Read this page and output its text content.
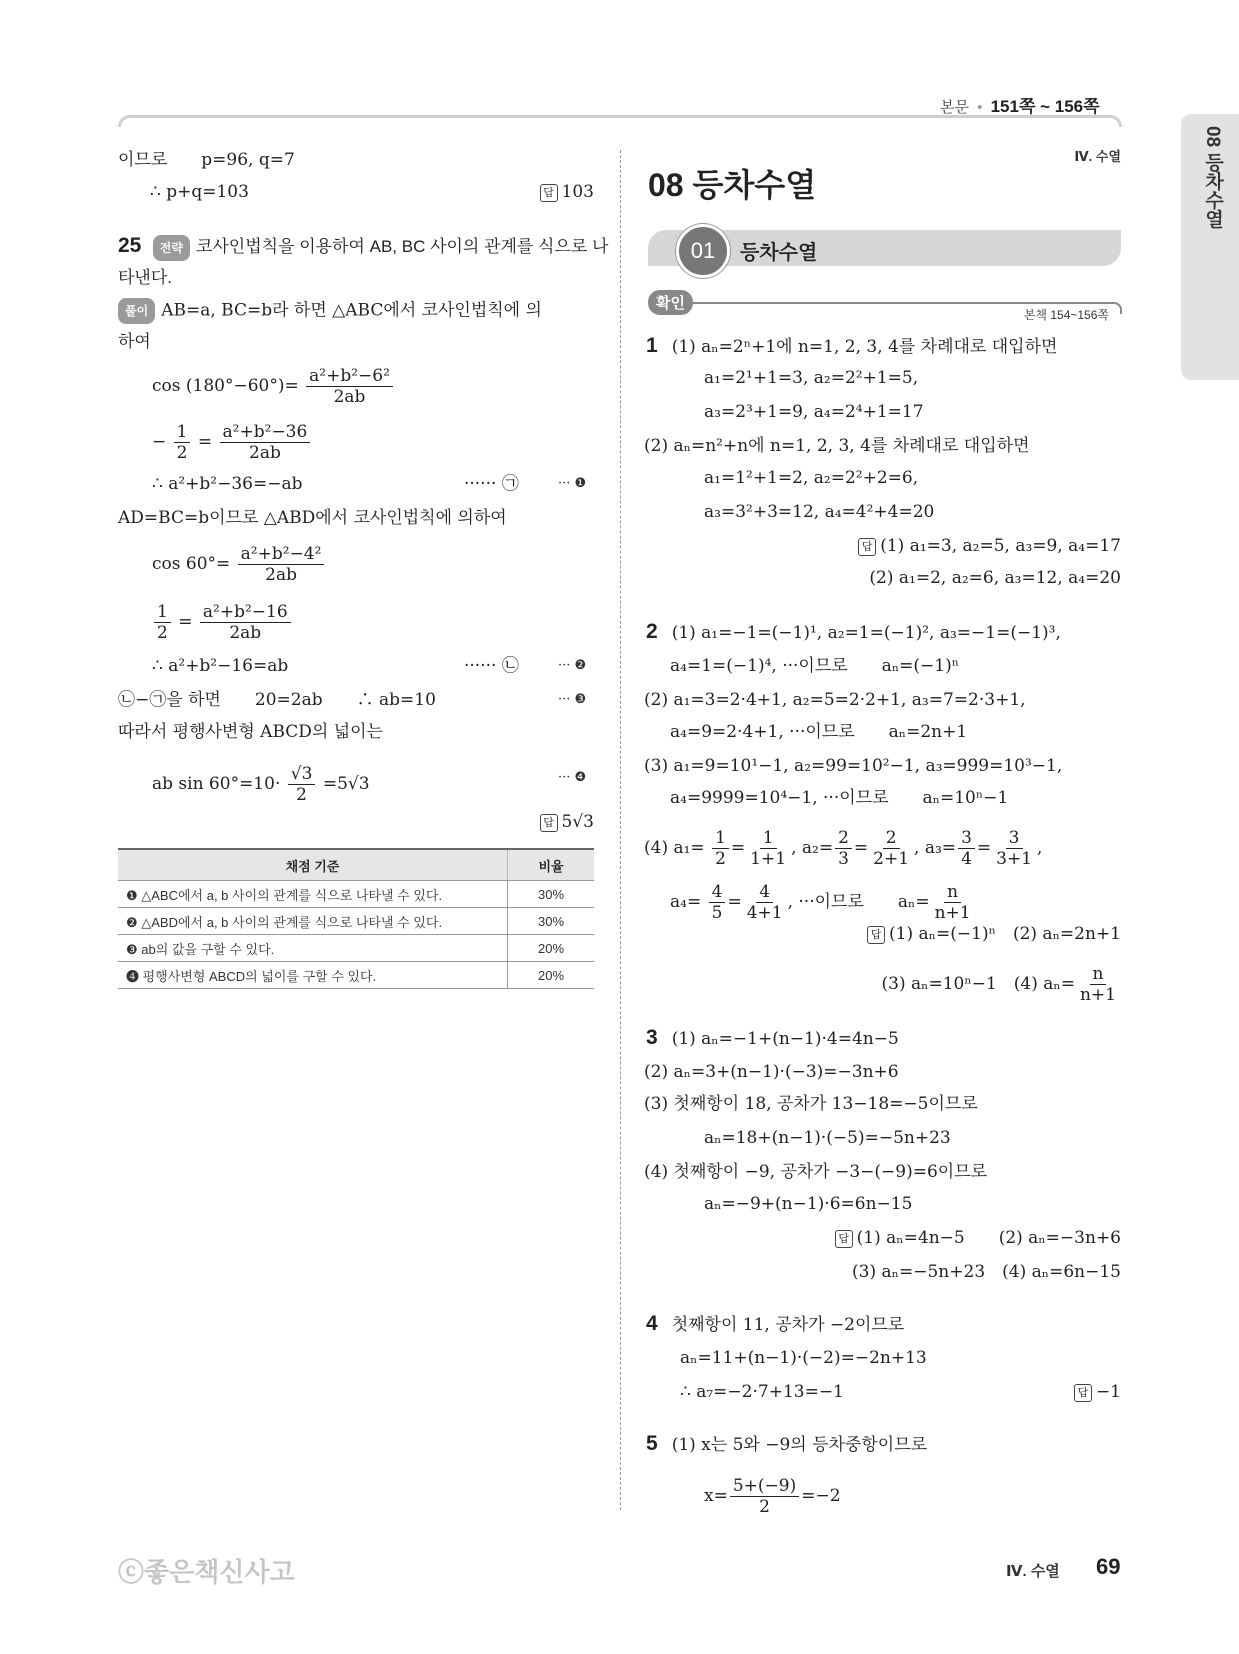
본문 • 151쪽 ~ 156쪽
08 등차수열
이므로　　p=96, q=7
∴ p+q=103	답 103
25 전략 코사인법칙을 이용하여 AB, BC 사이의 관계를 식으로 나
타낸다.
풀이 AB=a, BC=b라 하면 △ABC에서 코사인법칙에 의
하여
$\cos (180^\circ-60^\circ)= \frac{\text{a²+b²−6²}}{2ab}$
− $\frac{1}{2} = \frac{\text{a²+b²−36}}{2ab}$
∴ a²+b²−36=−ab	······ ㉠	··· ❶
AD=BC=b이므로 △ABD에서 코사인법칙에 의하여
$\cos 60^\circ= \frac{\text{a²+b²−4²}}{2ab}$
$\frac{1}{2} = \frac{\text{a²+b²−16}}{2ab}$
∴ a²+b²−16=ab	······ ㉡	··· ❷
㉡−㉠을 하면　　20=2ab　　∴ ab=10	··· ❸
따라서 평행사변형 ABCD의 넓이는
ab $\sin 60^\circ=10\cdot \frac{√3}{2} =5√3$	··· ❹
답 5√3
채점 기준	비율
❶ △ABC에서 a, b 사이의 관계를 식으로 나타낼 수 있다.	30%
❷ △ABD에서 a, b 사이의 관계를 식으로 나타낼 수 있다.	30%
❸ ab의 값을 구할 수 있다.	20%
❹ 평행사변형 ABCD의 넓이를 구할 수 있다.	20%
Ⅳ. 수열
08 등차수열
01	등차수열
확인
본책 154~156쪽
1 (1) aₙ=2ⁿ+1에 n=1, 2, 3, 4를 차례대로 대입하면
a₁=2¹+1=3, a₂=2²+1=5,
a₃=2³+1=9, a₄=2⁴+1=17
(2) aₙ=n²+n에 n=1, 2, 3, 4를 차례대로 대입하면
a₁=1²+1=2, a₂=2²+2=6,
a₃=3²+3=12, a₄=4²+4=20
답 (1) a₁=3, a₂=5, a₃=9, a₄=17
(2) a₁=2, a₂=6, a₃=12, a₄=20
2 (1) a₁=−1=(−1)¹, a₂=1=(−1)², a₃=−1=(−1)³,
a₄=1=(−1)⁴, ···이므로　　aₙ=(−1)ⁿ
(2) a₁=3=2·4+1, a₂=5=2·2+1, a₃=7=2·3+1,
a₄=9=2·4+1, ···이므로　　aₙ=2n+1
(3) a₁=9=10¹−1, a₂=99=10²−1, a₃=999=10³−1,
a₄=9999=10⁴−1, ···이므로　　aₙ=10ⁿ−1
(4) $a_1= \frac{1}{2} = \frac{1}{1+1}$ , $a_2= \frac{2}{3} = \frac{2}{2+1}$ , $a_3= \frac{3}{4} = \frac{3}{3+1}$ ,
$a_4= \frac{4}{5} = \frac{4}{4+1}$ , ···이므로　　$a_n= \frac{n}{n+1}$
답 (1) aₙ=(−1)ⁿ　(2) aₙ=2n+1
(3) aₙ=10ⁿ−1　(4) $a_n= \frac{n}{n+1}$
3 (1) aₙ=−1+(n−1)·4=4n−5
(2) aₙ=3+(n−1)·(−3)=−3n+6
(3) 첫째항이 18, 공차가 13−18=−5이므로
aₙ=18+(n−1)·(−5)=−5n+23
(4) 첫째항이 −9, 공차가 −3−(−9)=6이므로
aₙ=−9+(n−1)·6=6n−15
답 (1) aₙ=4n−5　　(2) aₙ=−3n+6
(3) aₙ=−5n+23　(4) aₙ=6n−15
4 첫째항이 11, 공차가 −2이므로
aₙ=11+(n−1)·(−2)=−2n+13
∴ a₇=−2·7+13=−1	답 −1
5 (1) x는 5와 −9의 등차중항이므로
$x= \frac{5+(-9)}{2} =-2$
ⓒ좋은책신사고	Ⅳ. 수열 69
